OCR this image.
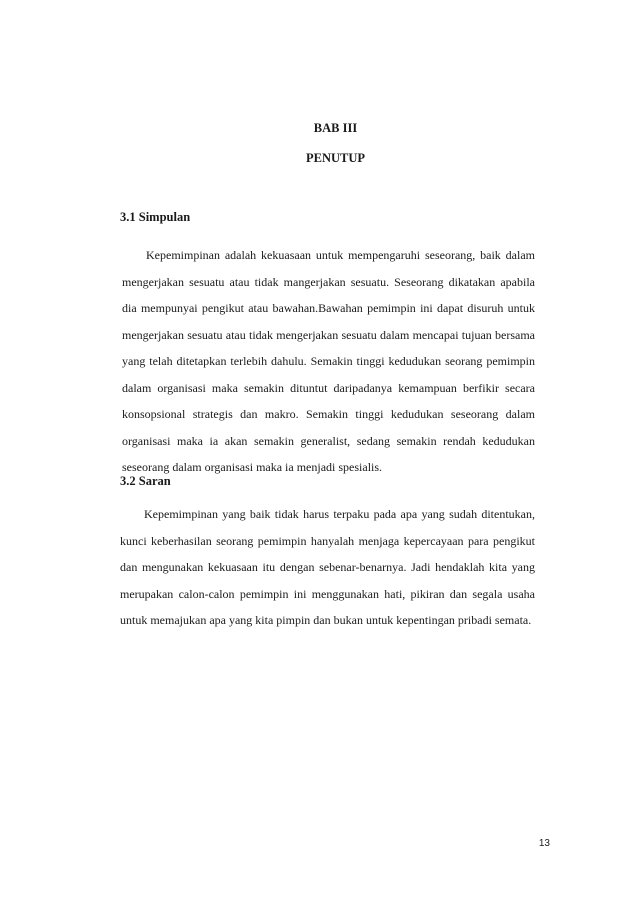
BAB III
PENUTUP
3.1 Simpulan

Kepemimpinan adalah kekuasaan untuk mempengaruhi seseorang, baik dalam mengerjakan sesuatu atau tidak mangerjakan sesuatu. Seseorang dikatakan apabila dia mempunyai pengikut atau bawahan.Bawahan pemimpin ini dapat disuruh untuk mengerjakan sesuatu atau tidak mengerjakan sesuatu dalam mencapai tujuan bersama yang telah ditetapkan terlebih dahulu. Semakin tinggi kedudukan seorang pemimpin dalam organisasi maka semakin dituntut daripadanya kemampuan berfikir secara konsopsional strategis dan makro. Semakin tinggi kedudukan seseorang dalam organisasi maka ia akan semakin generalist, sedang semakin rendah kedudukan seseorang dalam organisasi maka ia menjadi spesialis.

3.2 Saran

Kepemimpinan yang baik tidak harus terpaku pada apa yang sudah ditentukan, kunci keberhasilan seorang pemimpin hanyalah menjaga kepercayaan para pengikut dan mengunakan kekuasaan itu dengan sebenar-benarnya. Jadi hendaklah kita yang merupakan calon-calon pemimpin ini menggunakan hati, pikiran dan segala usaha untuk memajukan apa yang kita pimpin dan bukan untuk kepentingan pribadi semata.

13
